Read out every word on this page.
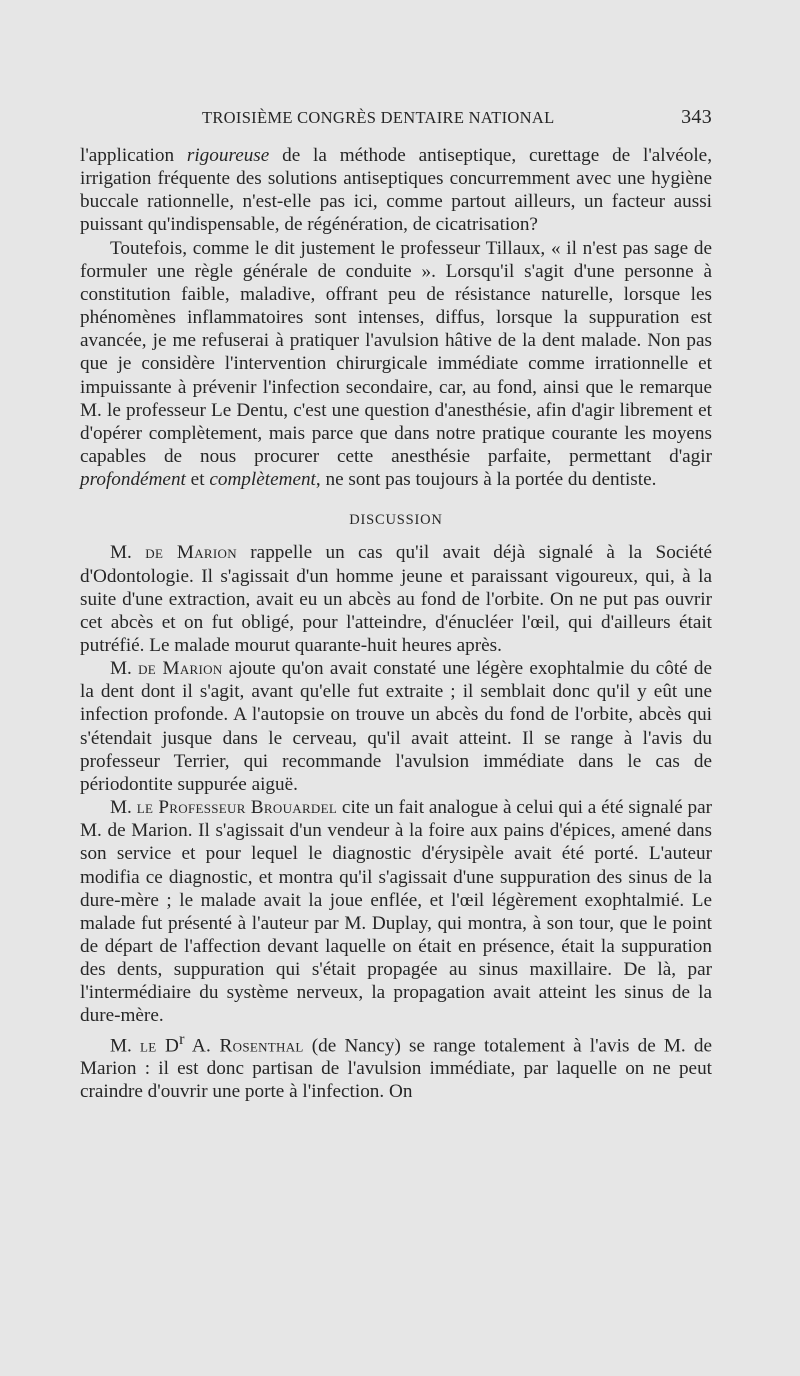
TROISIÈME CONGRÈS DENTAIRE NATIONAL	343

l'application rigoureuse de la méthode antiseptique, curettage de l'alvéole, irrigation fréquente des solutions antiseptiques concurremment avec une hygiène buccale rationnelle, n'est-elle pas ici, comme partout ailleurs, un facteur aussi puissant qu'indispensable, de régénération, de cicatrisation?

Toutefois, comme le dit justement le professeur Tillaux, « il n'est pas sage de formuler une règle générale de conduite ». Lorsqu'il s'agit d'une personne à constitution faible, maladive, offrant peu de résistance naturelle, lorsque les phénomènes inflammatoires sont intenses, diffus, lorsque la suppuration est avancée, je me refuserai à pratiquer l'avulsion hâtive de la dent malade. Non pas que je considère l'intervention chirurgicale immédiate comme irrationnelle et impuissante à prévenir l'infection secondaire, car, au fond, ainsi que le remarque M. le professeur Le Dentu, c'est une question d'anesthésie, afin d'agir librement et d'opérer complètement, mais parce que dans notre pratique courante les moyens capables de nous procurer cette anesthésie parfaite, permettant d'agir profondément et complètement, ne sont pas toujours à la portée du dentiste.

DISCUSSION

M. de Marion rappelle un cas qu'il avait déjà signalé à la Société d'Odontologie. Il s'agissait d'un homme jeune et paraissant vigoureux, qui, à la suite d'une extraction, avait eu un abcès au fond de l'orbite. On ne put pas ouvrir cet abcès et on fut obligé, pour l'atteindre, d'énucléer l'œil, qui d'ailleurs était putréfié. Le malade mourut quarante-huit heures après.

M. de Marion ajoute qu'on avait constaté une légère exophtalmie du côté de la dent dont il s'agit, avant qu'elle fut extraite ; il semblait donc qu'il y eût une infection profonde. A l'autopsie on trouve un abcès du fond de l'orbite, abcès qui s'étendait jusque dans le cerveau, qu'il avait atteint. Il se range à l'avis du professeur Terrier, qui recommande l'avulsion immédiate dans le cas de périodontite suppurée aiguë.

M. le Professeur Brouardel cite un fait analogue à celui qui a été signalé par M. de Marion. Il s'agissait d'un vendeur à la foire aux pains d'épices, amené dans son service et pour lequel le diagnostic d'érysipèle avait été porté. L'auteur modifia ce diagnostic, et montra qu'il s'agissait d'une suppuration des sinus de la dure-mère ; le malade avait la joue enflée, et l'œil légèrement exophtalmié. Le malade fut présenté à l'auteur par M. Duplay, qui montra, à son tour, que le point de départ de l'affection devant laquelle on était en présence, était la suppuration des dents, suppuration qui s'était propagée au sinus maxillaire. De là, par l'intermédiaire du système nerveux, la propagation avait atteint les sinus de la dure-mère.

M. le $D^r$ A. Rosenthal (de Nancy) se range totalement à l'avis de M. de Marion : il est donc partisan de l'avulsion immédiate, par laquelle on ne peut craindre d'ouvrir une porte à l'infection. On
